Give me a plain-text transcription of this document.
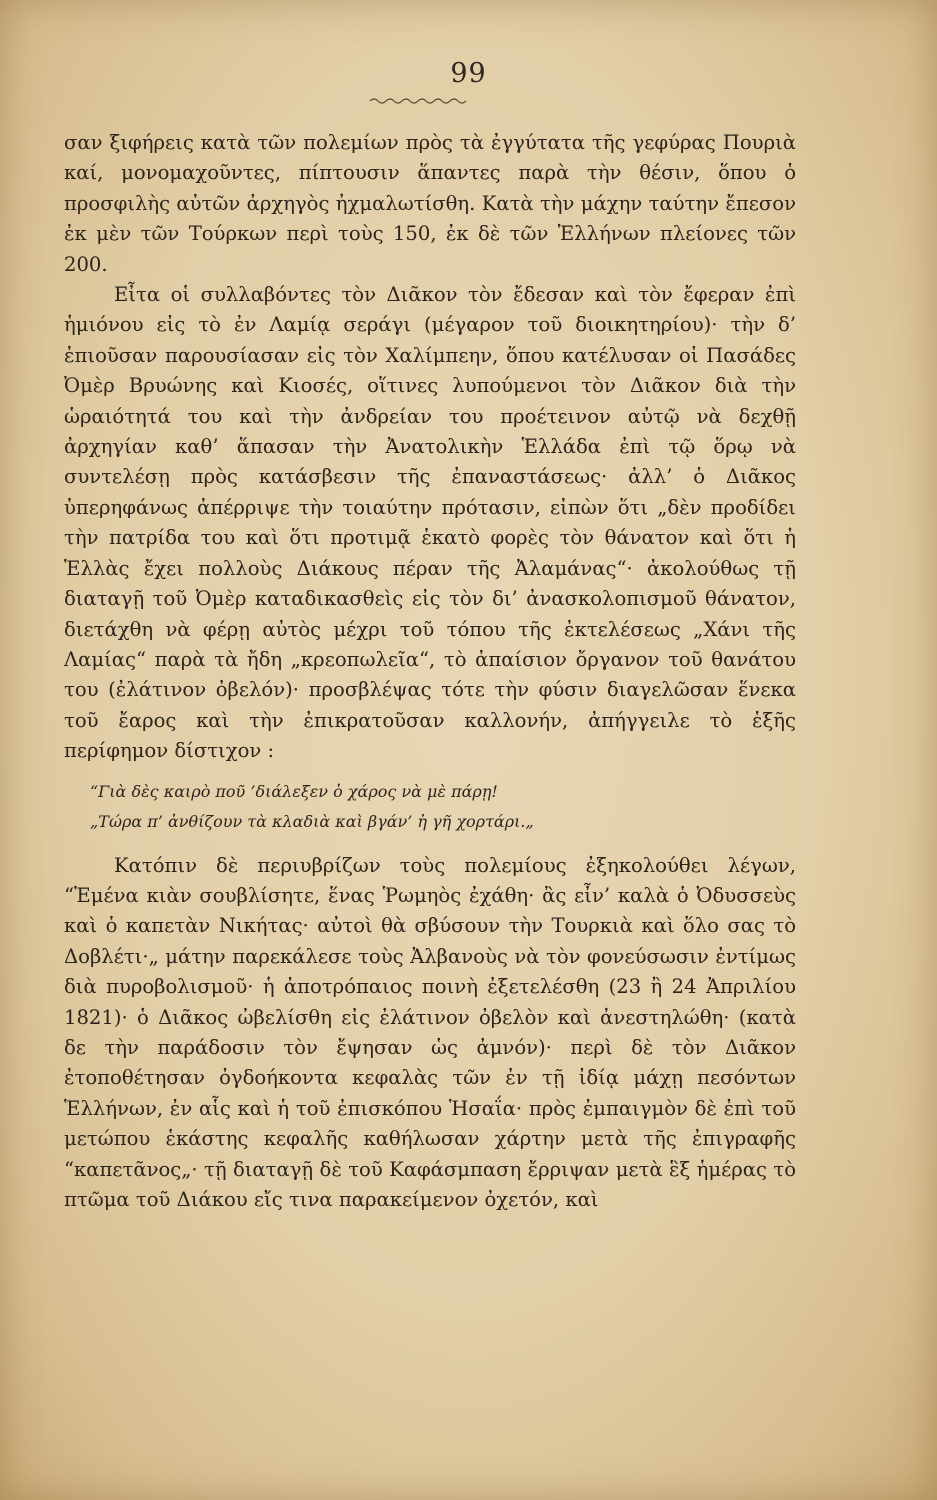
99

σαν ξιφήρεις κατὰ τῶν πολεμίων πρὸς τὰ ἐγγύτατα τῆς γεφύρας Πουριὰ καί, μονομαχοῦντες, πίπτουσιν ἅπαντες παρὰ τὴν θέσιν, ὅπου ὁ προσφιλὴς αὐτῶν ἀρχηγὸς ἠχμαλωτίσθη. Κατὰ τὴν μάχην ταύτην ἔπεσον ἐκ μὲν τῶν Τούρκων περὶ τοὺς 150, ἐκ δὲ τῶν Ἑλλήνων πλείονες τῶν 200.

Εἶτα οἱ συλλαβόντες τὸν Διᾶκον τὸν ἔδεσαν καὶ τὸν ἔφεραν ἐπὶ ἡμιόνου εἰς τὸ ἐν Λαμίᾳ σεράγι (μέγαρον τοῦ διοικητηρίου)· τὴν δ’ ἐπιοῦσαν παρουσίασαν εἰς τὸν Χαλίμπεην, ὅπου κατέλυσαν οἱ Πασάδες Ὀμὲρ Βρυώνης καὶ Κιοσές, οἵτινες λυπούμενοι τὸν Διᾶκον διὰ τὴν ὡραιότητά του καὶ τὴν ἀνδρείαν του προέτεινον αὐτῷ νὰ δεχθῇ ἀρχηγίαν καθ’ ἅπασαν τὴν Ἀνατολικὴν Ἑλλάδα ἐπὶ τῷ ὅρῳ νὰ συντελέσῃ πρὸς κατάσβεσιν τῆς ἐπαναστάσεως· ἀλλ’ ὁ Διᾶκος ὑπερηφάνως ἀπέρριψε τὴν τοιαύτην πρότασιν, εἰπὼν ὅτι „δὲν προδίδει τὴν πατρίδα του καὶ ὅτι προτιμᾷ ἑκατὸ φορὲς τὸν θάνατον καὶ ὅτι ἡ Ἑλλὰς ἔχει πολλοὺς Διάκους πέραν τῆς Ἀλαμάνας“· ἀκολούθως τῇ διαταγῇ τοῦ Ὀμὲρ καταδικασθεὶς εἰς τὸν δι’ ἀνασκολοπισμοῦ θάνατον, διετάχθη νὰ φέρῃ αὐτὸς μέχρι τοῦ τόπου τῆς ἐκτελέσεως „Χάνι τῆς Λαμίας“ παρὰ τὰ ἤδη „κρεοπωλεῖα“, τὸ ἀπαίσιον ὄργανον τοῦ θανάτου του (ἐλάτινον ὀβελόν)· προσβλέψας τότε τὴν φύσιν διαγελῶσαν ἕνεκα τοῦ ἔαρος καὶ τὴν ἐπικρατοῦσαν καλλονήν, ἀπήγγειλε τὸ ἑξῆς περίφημον δίστιχον :

“Γιὰ δὲς καιρὸ ποῦ ’διάλεξεν ὁ χάρος νὰ μὲ πάρῃ!
„Τώρα π’ ἀνθίζουν τὰ κλαδιὰ καὶ βγάν’ ἡ γῆ χορτάρι.„

Κατόπιν δὲ περιυβρίζων τοὺς πολεμίους ἐξηκολούθει λέγων, “Ἐμένα κιὰν σουβλίσητε, ἕνας Ῥωμηὸς ἐχάθη· ἂς εἶν’ καλὰ ὁ Ὀδυσσεὺς καὶ ὁ καπετὰν Νικήτας· αὐτοὶ θὰ σβύσουν τὴν Τουρκιὰ καὶ ὅλο σας τὸ Δοβλέτι·„ μάτην παρεκάλεσε τοὺς Ἀλβανοὺς νὰ τὸν φονεύσωσιν ἐντίμως διὰ πυροβολισμοῦ· ἡ ἀποτρόπαιος ποινὴ ἐξετελέσθη (23 ἢ 24 Ἀπριλίου 1821)· ὁ Διᾶκος ὠβελίσθη εἰς ἐλάτινον ὀβελὸν καὶ ἀνεστηλώθη· (κατὰ δε τὴν παράδοσιν τὸν ἔψησαν ὡς ἀμνόν)· περὶ δὲ τὸν Διᾶκον ἐτοποθέτησαν ὀγδοήκοντα κεφαλὰς τῶν ἐν τῇ ἰδίᾳ μάχῃ πεσόντων Ἑλλήνων, ἐν αἷς καὶ ἡ τοῦ ἐπισκόπου Ἡσαΐα· πρὸς ἐμπαιγμὸν δὲ ἐπὶ τοῦ μετώπου ἑκάστης κεφαλῆς καθήλωσαν χάρτην μετὰ τῆς ἐπιγραφῆς “καπετᾶνος„· τῇ διαταγῇ δὲ τοῦ Καφάσμπαση ἔρριψαν μετὰ ἓξ ἡμέρας τὸ πτῶμα τοῦ Διάκου εἴς τινα παρακείμενον ὀχετόν, καὶ
